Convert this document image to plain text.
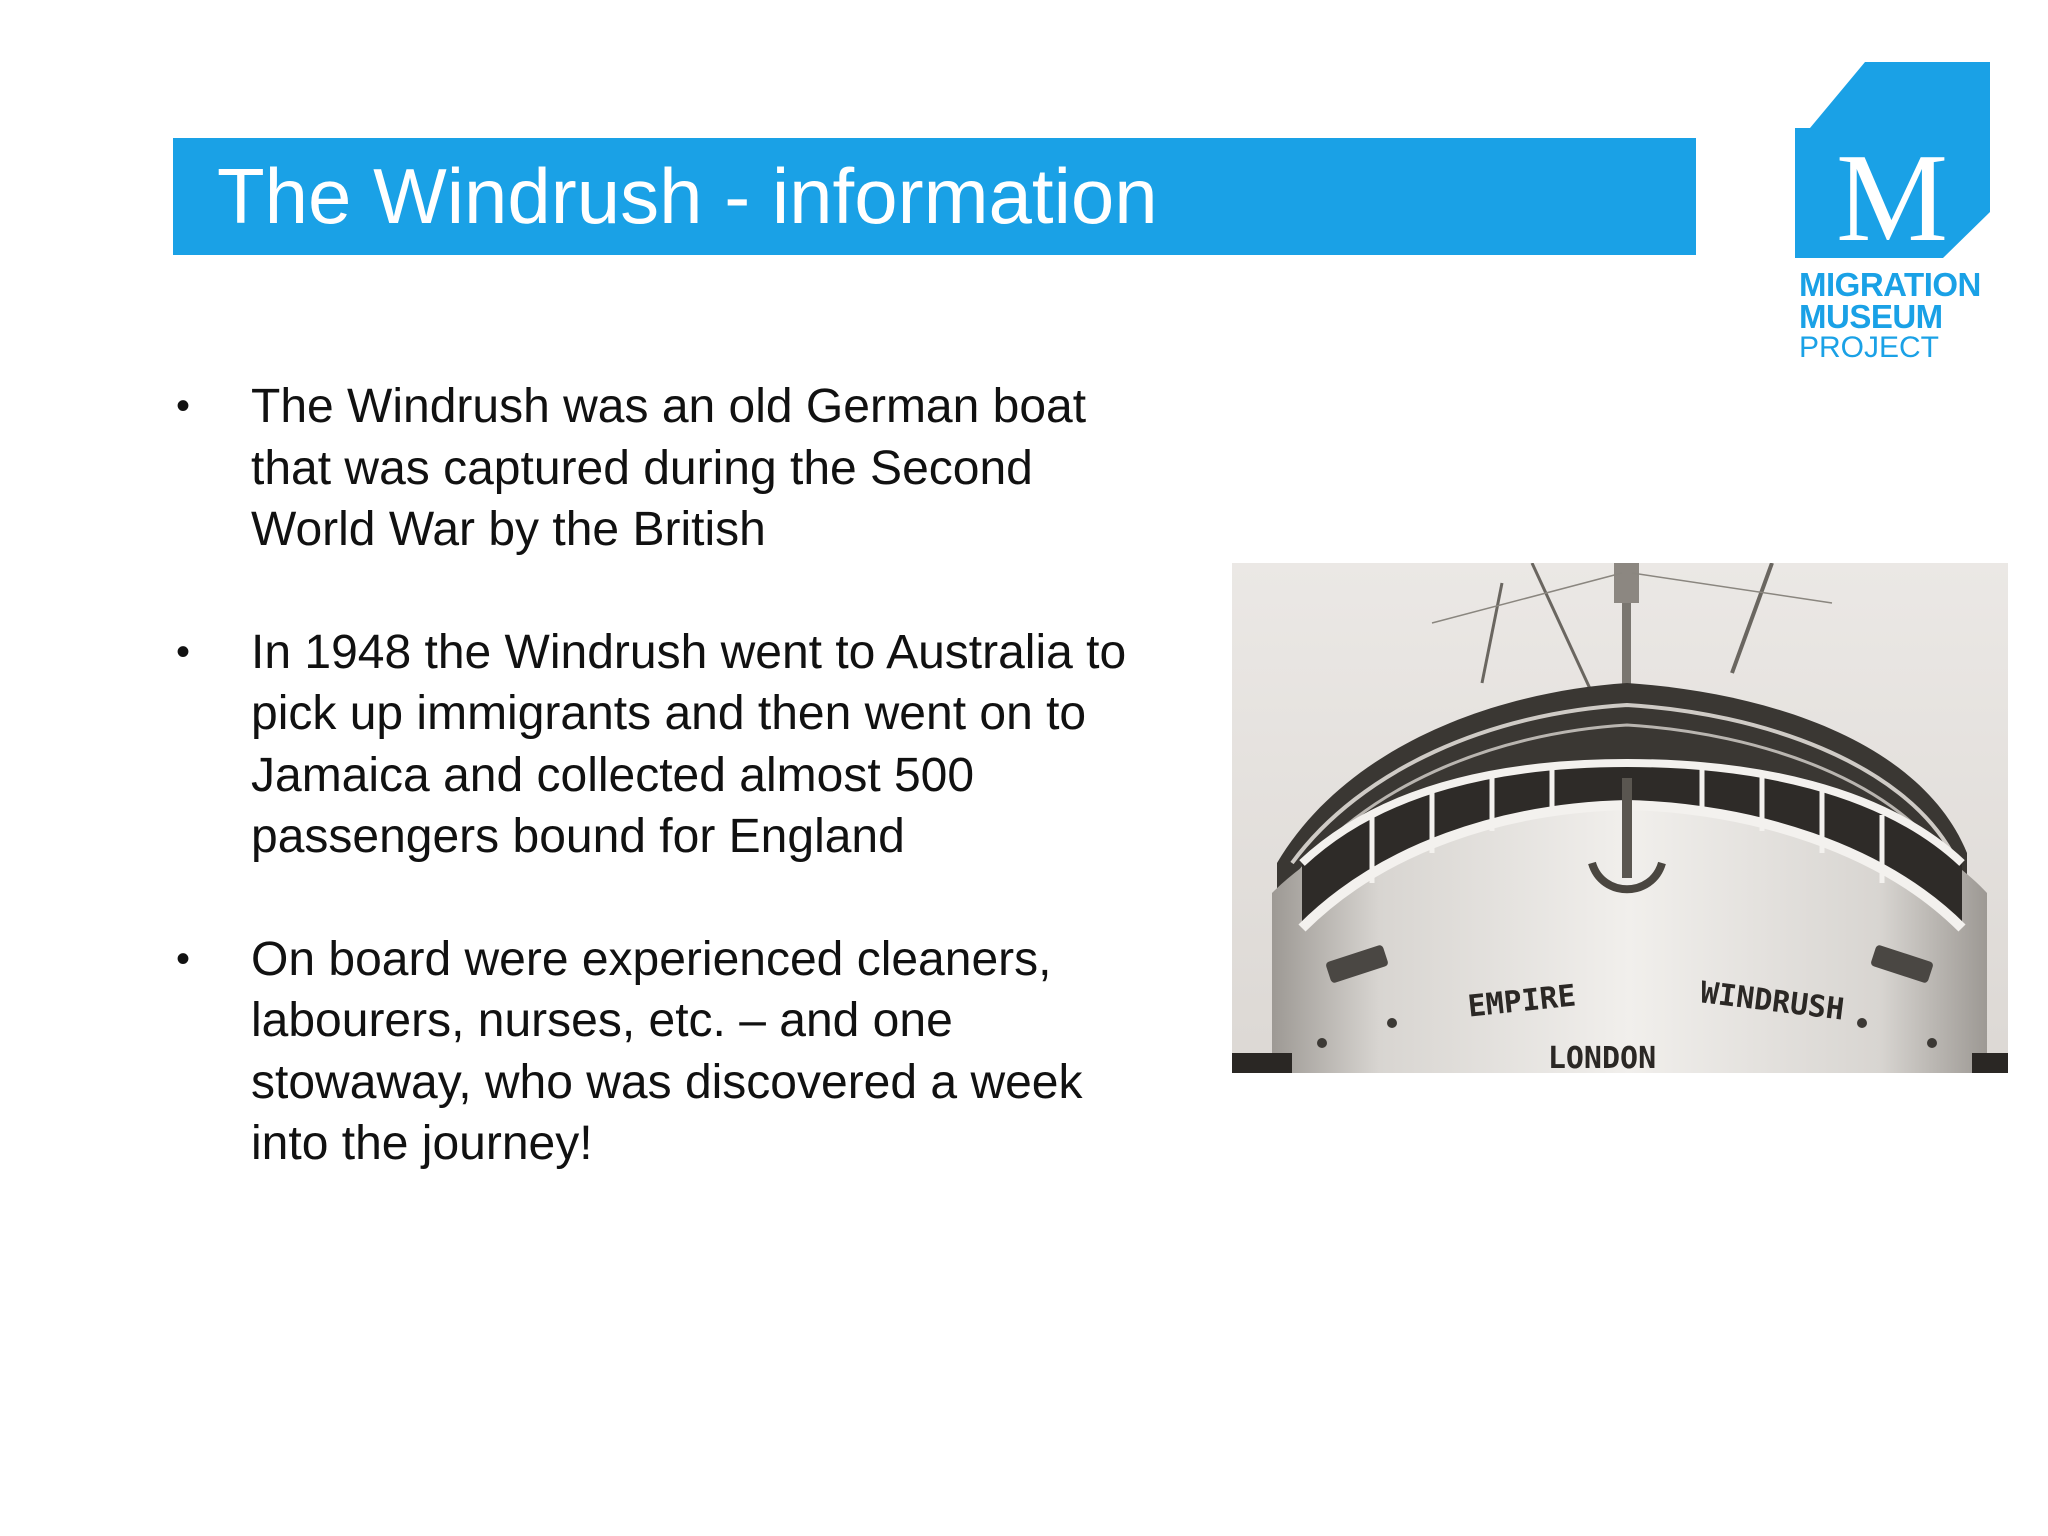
The Windrush - information	M
MIGRATION
MUSEUM
PROJECT
• The Windrush was an old German boat that was captured during the Second World War by the British
• In 1948 the Windrush went to Australia to pick up immigrants and then went on to Jamaica and collected almost 500 passengers bound for England
• On board were experienced cleaners, labourers, nurses, etc. – and one stowaway, who was discovered a week into the journey!
EMPIRE	WINDRUSH
LONDON
